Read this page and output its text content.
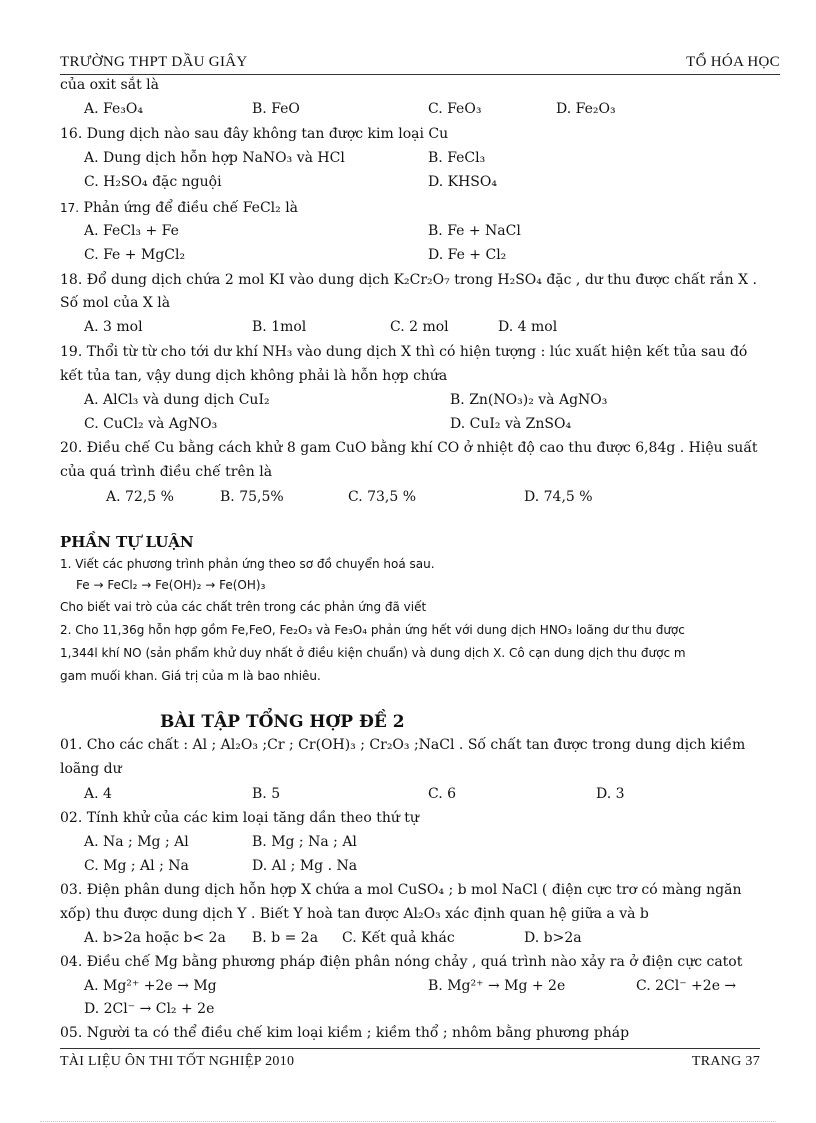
TRƯỜNG THPT DẦU GIÂY	TỔ HÓA HỌC
của oxit sắt là
A. Fe₃O₄	B. FeO	C. FeO₃	D. Fe₂O₃
16. Dung dịch nào sau đây không tan được kim loại Cu
A. Dung dịch hỗn hợp NaNO₃ và HCl	B. FeCl₃
C. H₂SO₄ đặc nguội	D. KHSO₄
17. Phản ứng để điều chế FeCl₂ là
A. FeCl₃ + Fe	B. Fe + NaCl
C. Fe + MgCl₂	D. Fe + Cl₂
18. Đổ dung dịch chứa 2 mol KI vào dung dịch K₂Cr₂O₇ trong H₂SO₄ đặc , dư thu được chất rắn X .
Số mol của X là
A. 3 mol	B. 1mol	C. 2 mol	D. 4 mol
19. Thổi từ từ cho tới dư khí NH₃ vào dung dịch X thì có hiện tượng : lúc xuất hiện kết tủa sau đó
kết tủa tan, vậy dung dịch không phải là hỗn hợp chứa
A. AlCl₃ và dung dịch CuI₂	B. Zn(NO₃)₂ và AgNO₃
C. CuCl₂ và AgNO₃	D. CuI₂ và ZnSO₄
20. Điều chế Cu bằng cách khử 8 gam CuO bằng khí CO ở nhiệt độ cao thu được 6,84g . Hiệu suất
của quá trình điều chế trên là
A. 72,5 %	B. 75,5%	C. 73,5 %	D. 74,5 %
PHẦN TỰ LUẬN
1. Viết các phương trình phản ứng theo sơ đồ chuyển hoá sau.
Fe → FeCl₂ → Fe(OH)₂ → Fe(OH)₃
Cho biết vai trò của các chất trên trong các phản ứng đã viết
2. Cho 11,36g hỗn hợp gồm Fe,FeO, Fe₂O₃ và Fe₃O₄ phản ứng hết với dung dịch HNO₃ loãng dư thu được
1,344l khí NO (sản phẩm khử duy nhất ở điều kiện chuẩn) và dung dịch X. Cô cạn dung dịch thu được m
gam muối khan. Giá trị của m là bao nhiêu.
BÀI TẬP TỔNG HỢP ĐỀ 2
01. Cho các chất : Al ; Al₂O₃ ;Cr ; Cr(OH)₃ ; Cr₂O₃ ;NaCl . Số chất tan được trong dung dịch kiềm
loãng dư
A. 4	B. 5	C. 6	D. 3
02. Tính khử của các kim loại tăng dần theo thứ tự
A. Na ; Mg ; Al	B. Mg ; Na ; Al
C. Mg ; Al ; Na	D. Al ; Mg . Na
03. Điện phân dung dịch hỗn hợp X chứa a mol CuSO₄ ; b mol NaCl ( điện cực trơ có màng ngăn
xốp) thu được dung dịch Y . Biết Y hoà tan được Al₂O₃ xác định quan hệ giữa a và b
A. b>2a hoặc b< 2a B. b = 2a C. Kết quả khác	D. b>2a
04. Điều chế Mg bằng phương pháp điện phân nóng chảy , quá trình nào xảy ra ở điện cực catot
A. Mg²⁺ +2e → Mg	B. Mg²⁺ → Mg + 2e	C. 2Cl⁻ +2e →
D. 2Cl⁻ → Cl₂ + 2e
05. Người ta có thể điều chế kim loại kiềm ; kiềm thổ ; nhôm bằng phương pháp
TÀI LIỆU ÔN THI TỐT NGHIỆP 2010	TRANG 37
